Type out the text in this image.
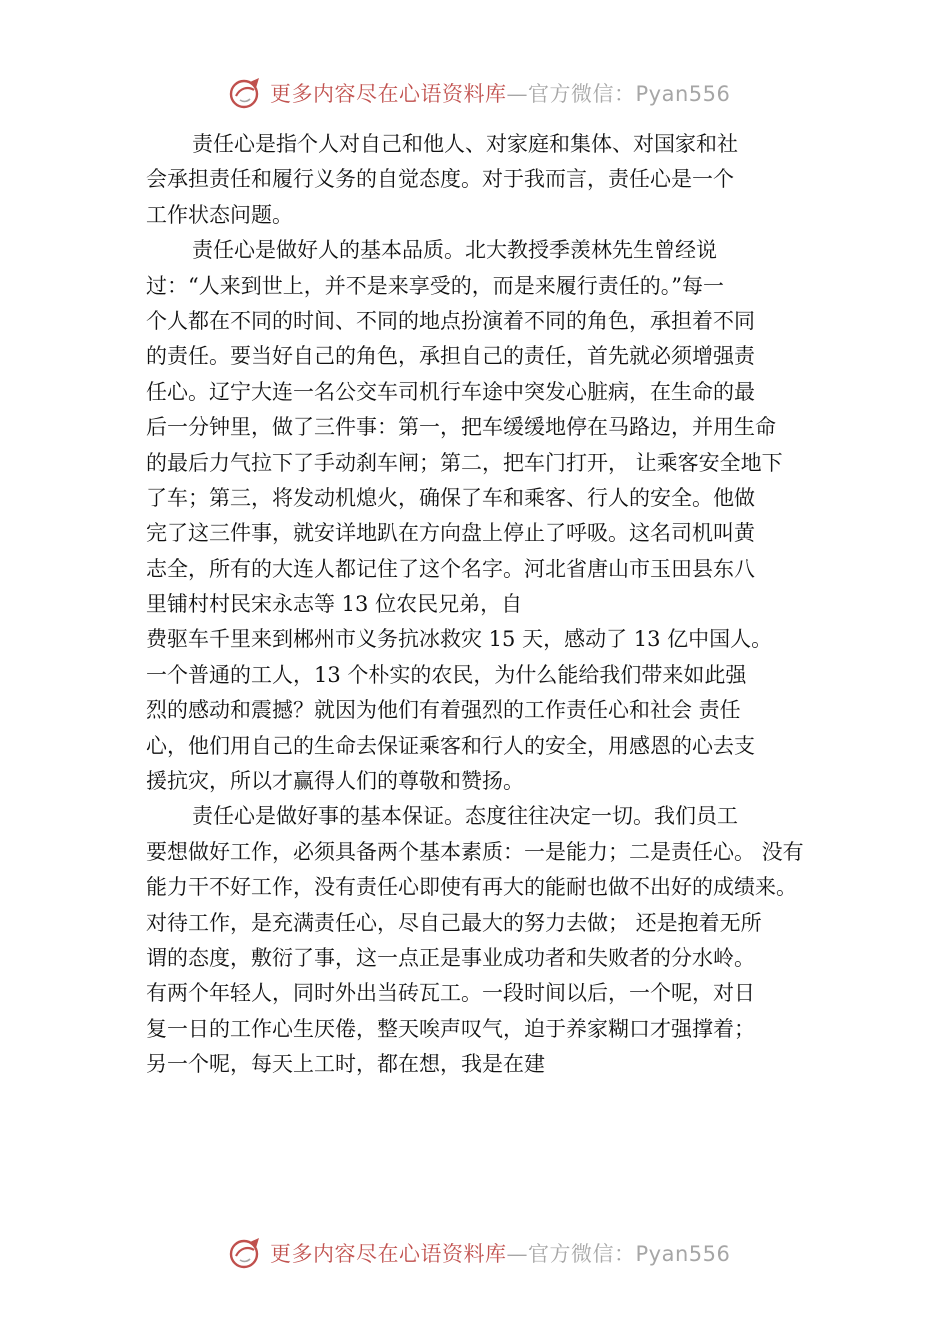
更多内容尽在心语资料库—官方微信：Pyan556
责任心是指个人对自己和他人、对家庭和集体、对国家和社
会承担责任和履行义务的自觉态度。对于我而言，责任心是一个
工作状态问题。
责任心是做好人的基本品质。北大教授季羡林先生曾经说
过：“人来到世上，并不是来享受的，而是来履行责任的。”每一
个人都在不同的时间、不同的地点扮演着不同的角色，承担着不同
的责任。要当好自己的角色，承担自己的责任，首先就必须增强责
任心。辽宁大连一名公交车司机行车途中突发心脏病，在生命的最
后一分钟里，做了三件事：第一，把车缓缓地停在马路边，并用生命
的最后力气拉下了手动刹车闸；第二，把车门打开， 让乘客安全地下
了车；第三，将发动机熄火，确保了车和乘客、行人的安全。他做
完了这三件事，就安详地趴在方向盘上停止了呼吸。这名司机叫黄
志全，所有的大连人都记住了这个名字。河北省唐山市玉田县东八
里铺村村民宋永志等 13 位农民兄弟，自
费驱车千里来到郴州市义务抗冰救灾 15 天，感动了 13 亿中国人。
一个普通的工人，13 个朴实的农民，为什么能给我们带来如此强
烈的感动和震撼？就因为他们有着强烈的工作责任心和社会 责任
心，他们用自己的生命去保证乘客和行人的安全，用感恩的心去支
援抗灾，所以才赢得人们的尊敬和赞扬。
责任心是做好事的基本保证。态度往往决定一切。我们员工
要想做好工作，必须具备两个基本素质：一是能力；二是责任心。 没有
能力干不好工作，没有责任心即使有再大的能耐也做不出好的成绩来。
对待工作，是充满责任心，尽自己最大的努力去做； 还是抱着无所
谓的态度，敷衍了事，这一点正是事业成功者和失败者的分水岭。
有两个年轻人，同时外出当砖瓦工。一段时间以后，一个呢，对日
复一日的工作心生厌倦，整天唉声叹气，迫于养家糊口才强撑着；
另一个呢，每天上工时，都在想，我是在建
更多内容尽在心语资料库—官方微信：Pyan556
